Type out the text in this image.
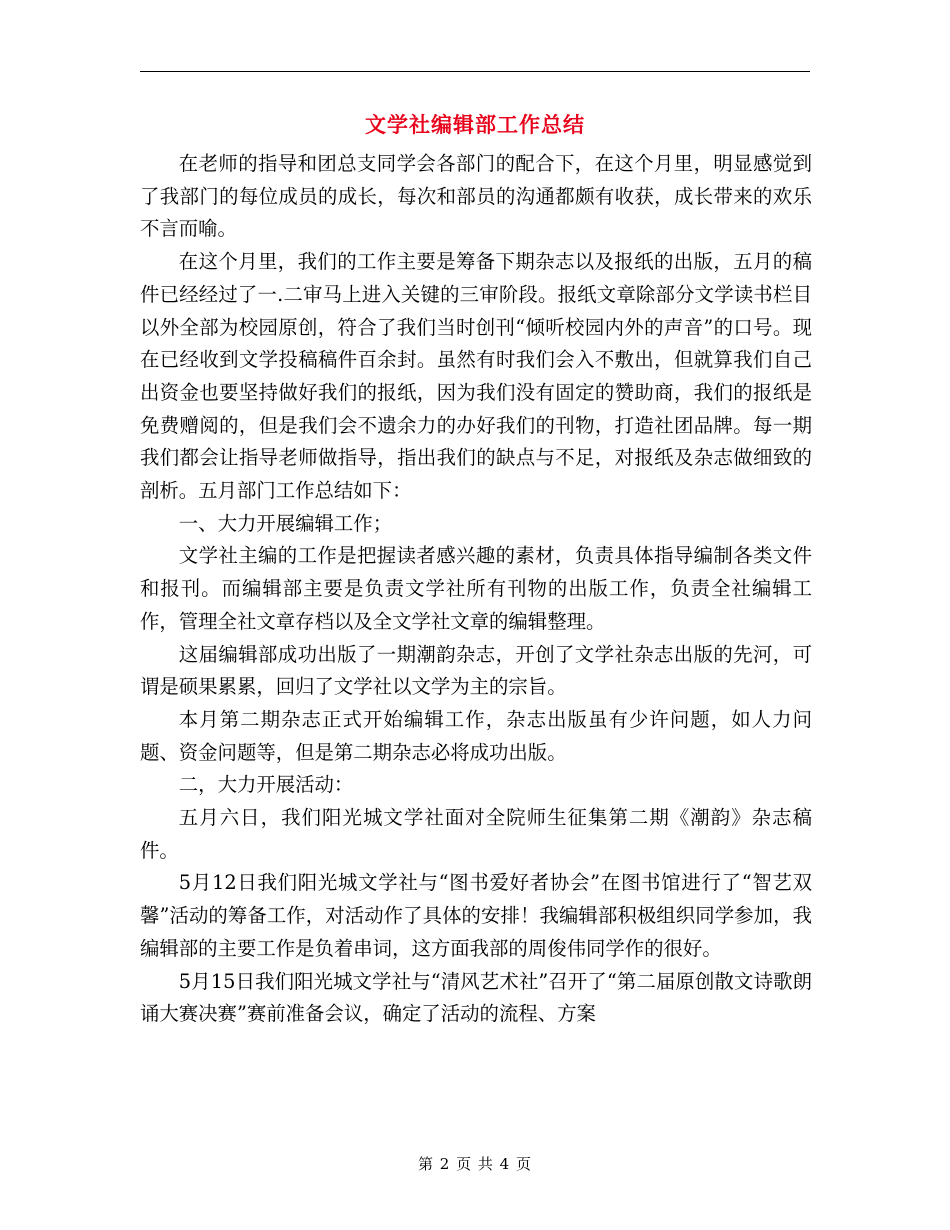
文学社编辑部工作总结

在老师的指导和团总支同学会各部门的配合下，在这个月里，明显感觉到了我部门的每位成员的成长，每次和部员的沟通都颇有收获，成长带来的欢乐不言而喻。

在这个月里，我们的工作主要是筹备下期杂志以及报纸的出版，五月的稿件已经经过了一.二审马上进入关键的三审阶段。报纸文章除部分文学读书栏目以外全部为校园原创，符合了我们当时创刊“倾听校园内外的声音”的口号。现在已经收到文学投稿稿件百余封。虽然有时我们会入不敷出，但就算我们自己出资金也要坚持做好我们的报纸，因为我们没有固定的赞助商，我们的报纸是免费赠阅的，但是我们会不遗余力的办好我们的刊物，打造社团品牌。每一期我们都会让指导老师做指导，指出我们的缺点与不足，对报纸及杂志做细致的剖析。五月部门工作总结如下：

一、大力开展编辑工作；

文学社主编的工作是把握读者感兴趣的素材，负责具体指导编制各类文件和报刊。而编辑部主要是负责文学社所有刊物的出版工作，负责全社编辑工作，管理全社文章存档以及全文学社文章的编辑整理。

这届编辑部成功出版了一期潮韵杂志，开创了文学社杂志出版的先河，可谓是硕果累累，回归了文学社以文学为主的宗旨。

本月第二期杂志正式开始编辑工作，杂志出版虽有少许问题，如人力问题、资金问题等，但是第二期杂志必将成功出版。

二，大力开展活动：

五月六日，我们阳光城文学社面对全院师生征集第二期《潮韵》杂志稿件。

5月12日我们阳光城文学社与“图书爱好者协会”在图书馆进行了“智艺双馨”活动的筹备工作，对活动作了具体的安排！我编辑部积极组织同学参加，我编辑部的主要工作是负着串词，这方面我部的周俊伟同学作的很好。

5月15日我们阳光城文学社与“清风艺术社”召开了“第二届原创散文诗歌朗诵大赛决赛”赛前准备会议，确定了活动的流程、方案

第 2 页 共 4 页
